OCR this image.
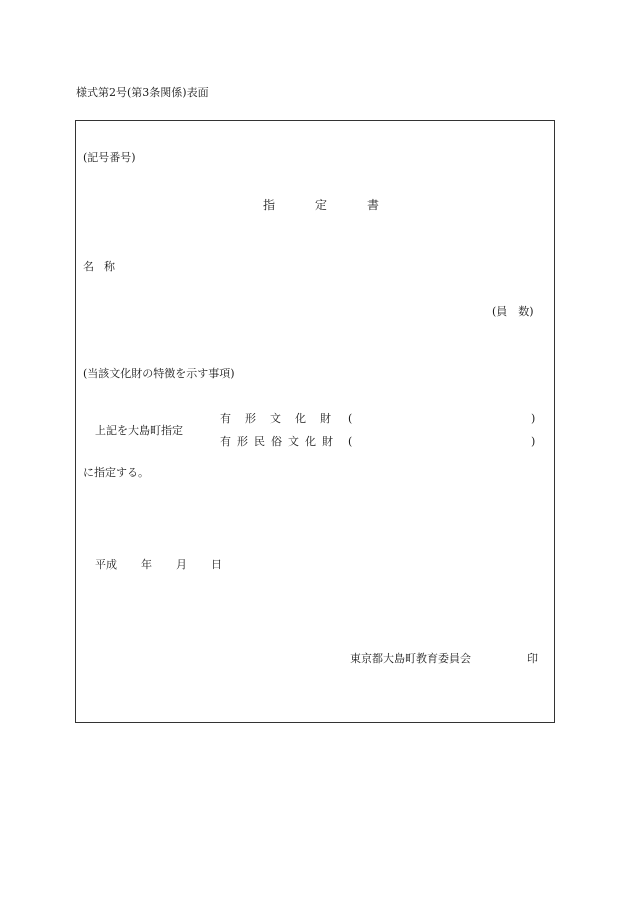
様式第2号(第3条関係)表面
(記号番号)
指	定	書
名称
(員　数)
(当該文化財の特徴を示す事項)
上記を大島町指定
有形文化財 (	)
有形民俗文化財 (	)
に指定する。
平成 年 月 日
東京都大島町教育委員会	印
